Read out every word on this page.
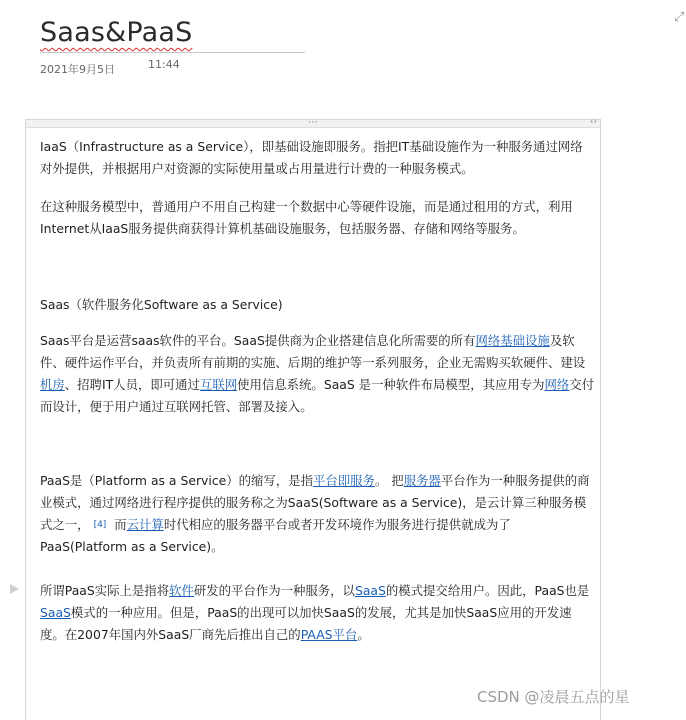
⤢
Saas&PaaS
2021年9月5日	11:44
⋯	‹›

IaaS（Infrastructure as a Service），即基础设施即服务。指把IT基础设施作为一种服务通过网络对外提供，并根据用户对资源的实际使用量或占用量进行计费的一种服务模式。

在这种服务模型中，普通用户不用自己构建一个数据中心等硬件设施，而是通过租用的方式，利用 Internet从IaaS服务提供商获得计算机基础设施服务，包括服务器、存储和网络等服务。

Saas（软件服务化Software as a Service)

Saas平台是运营saas软件的平台。SaaS提供商为企业搭建信息化所需要的所有网络基础设施及软件、硬件运作平台，并负责所有前期的实施、后期的维护等一系列服务，企业无需购买软硬件、建设机房、招聘IT人员，即可通过互联网使用信息系统。SaaS 是一种软件布局模型，其应用专为网络交付而设计，便于用户通过互联网托管、部署及接入。

PaaS是（Platform as a Service）的缩写，是指平台即服务。 把服务器平台作为一种服务提供的商业模式，通过网络进行程序提供的服务称之为SaaS(Software as a Service)，是云计算三种服务模式之一， [4] 而云计算时代相应的服务器平台或者开发环境作为服务进行提供就成为了PaaS(Platform as a Service)。

所谓PaaS实际上是指将软件研发的平台作为一种服务，以SaaS的模式提交给用户。因此，PaaS也是SaaS模式的一种应用。但是，PaaS的出现可以加快SaaS的发展，尤其是加快SaaS应用的开发速度。在2007年国内外SaaS厂商先后推出自己的PAAS平台。

CSDN @凌晨五点的星
